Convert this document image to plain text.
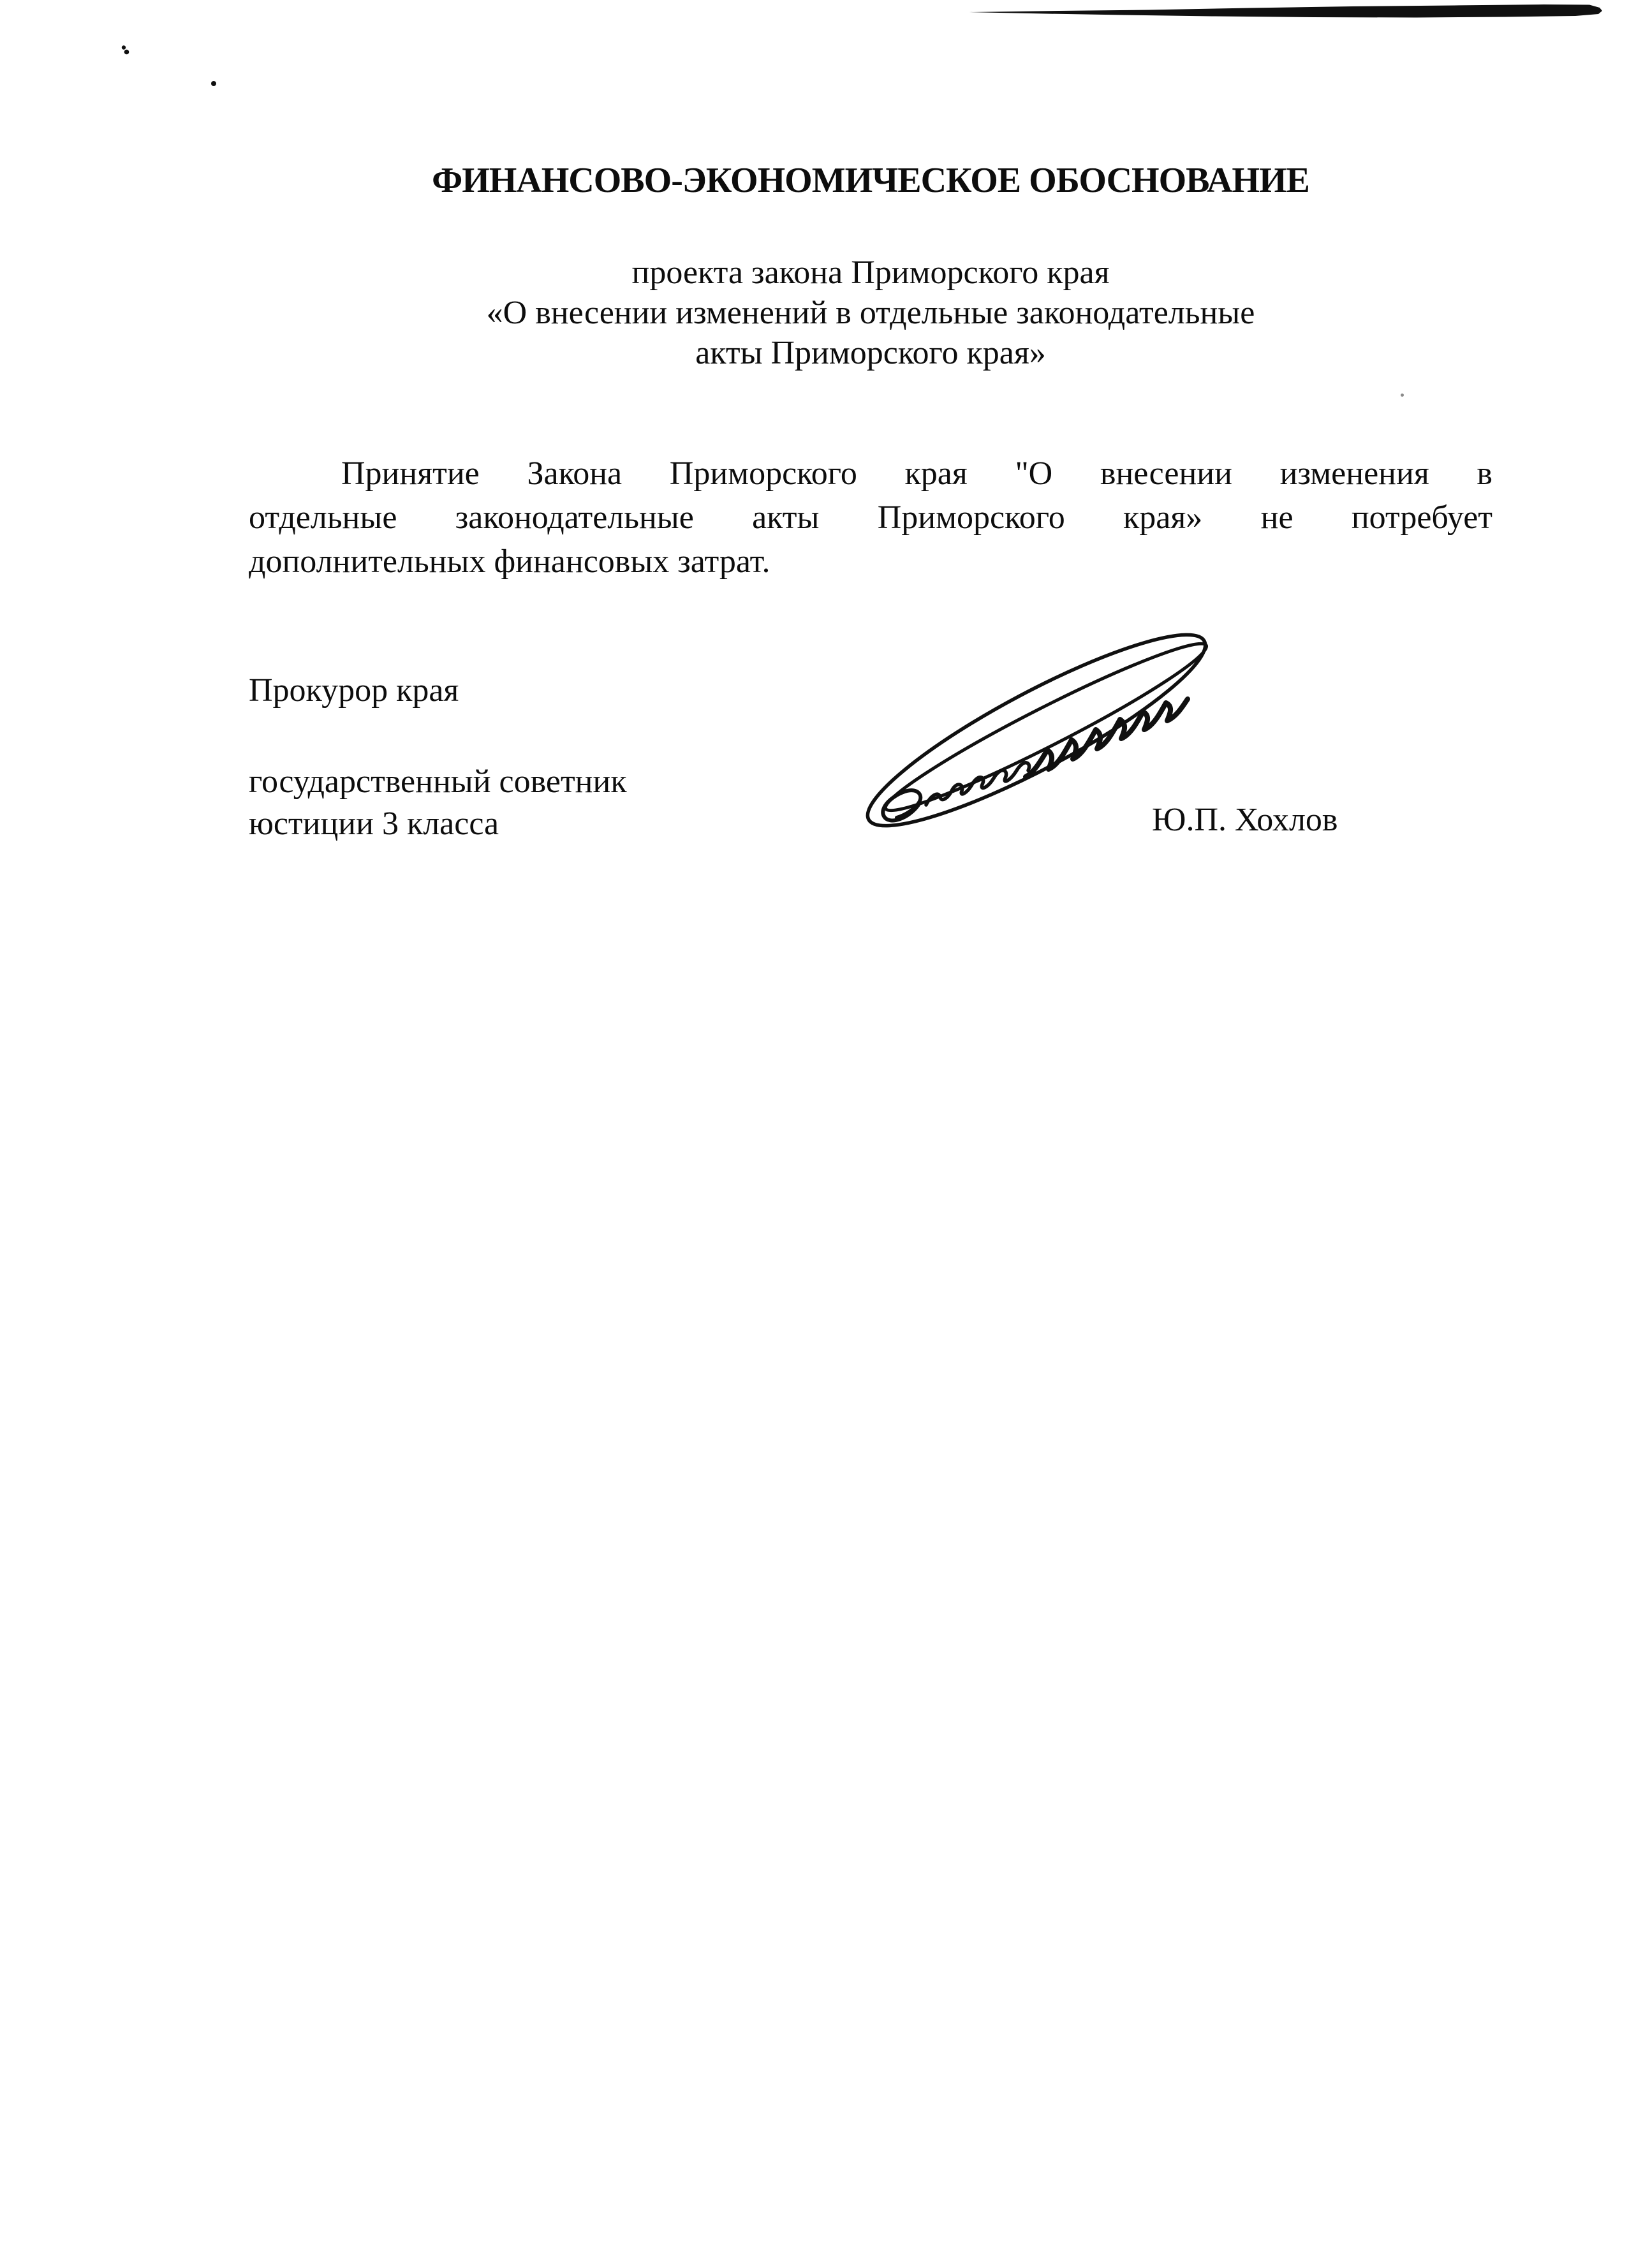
ФИНАНСОВО-ЭКОНОМИЧЕСКОЕ ОБОСНОВАНИЕ
проекта закона Приморского края
«О внесении изменений в отдельные законодательные
акты Приморского края»
Принятие Закона Приморского края "О внесении изменения в
отдельные законодательные акты Приморского края» не потребует
дополнительных финансовых затрат.
Прокурор края
государственный советник
юстиции 3 класса	Ю.П. Хохлов
